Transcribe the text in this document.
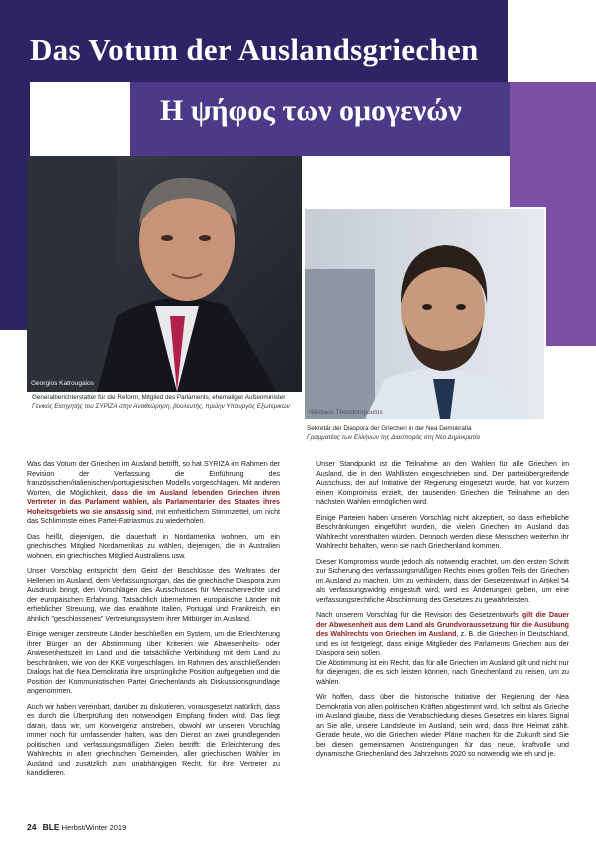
Das Votum der Auslandsgriechen
Η ψήφος των ομογενών
Georgios Katrougalos
Nikolaos Theodoropoulos
Generalberichterstatter für die Reform, Mitglied des Parlaments, ehemaliger Außenminister
Γενικός Εισηγητής του ΣΥΡΙΖΑ στην Αναθεώρηση, βουλευτής, πρώην Υπουργός Εξωτερικών
Sekretär der Diaspora der Griechen in der Nea Demokratia
Γραμματέας των Ελλήνων της Διασποράς στη Νέα Δημοκρατία

Was das Votum der Griechen im Ausland betrifft, so hat SYRIZA im Rahmen der Revision der Verfassung die Einführung des französischen/italienischen/portugiesischen Modells vorgeschlagen. Mit anderen Worten, die Möglichkeit, dass die im Ausland lebenden Griechen ihren Vertreter in das Parlament wählen, als Parlamentarier des Staates ihres Hoheitsgebiets wo sie ansässig sind, mit einheitlichem Stimmzettel, um nicht das Schlimmste eines Partei-Fatriasmus zu wiederholen.

Das heißt, diejenigen, die dauerhaft in Nordamerika wohnen, um ein griechisches Mitglied Nordamerikas zu wählen, diejenigen, die in Australien wohnen, ein griechisches Mitglied Australiens usw.

Unser Vorschlag entspricht dem Geist der Beschlüsse des Weltrates der Hellenen im Ausland, dem Verfassungsorgan, das die griechische Diaspora zum Ausdruck bringt, den Vorschlägen des Ausschusses für Menschenrechte und der europäischen Erfahrung. Tatsächlich übernehmen europäische Länder mit erheblicher Streuung, wie das erwähnte Italien, Portugal und Frankreich, ein ähnlich "geschlossenes" Vertretungssystem ihrer Mitbürger im Ausland.

Einige weniger zerstreute Länder beschließen ein System, um die Erleichterung ihrer Bürger an der Abstimmung über Kriterien wie Abwesenheits- oder Anwesenheitszeit im Land und die tatsächliche Verbindung mit dem Land zu beschränken, wie von der KKE vorgeschlagen. Im Rahmen des anschließenden Dialogs hat die Nea Demokratia ihre ursprüngliche Position aufgegeben und die Position der Kommunistischen Partei Griechenlands als Diskussionsgrundlage angenommen.

Auch wir haben vereinbart, darüber zu diskutieren, vorausgesetzt natürlich, dass es durch die Überprüfung den notwendigen Empfang finden wird. Das liegt daran, dass wir, um Konvergenz anstreben, obwohl wir unseren Vorschlag immer noch für umfassender halten, was den Dienst an zwei grundlegenden politischen und verfassungsmäßigen Zielen betrifft: die Erleichterung des Wahlrechts in allen griechischen Gemeinden, aller griechischen Wähler im Ausland und zusätzlich zum unabhängigen Recht, für ihre Vertreter zu kandidieren.

Unser Standpunkt ist die Teilnahme an den Wahlen für alle Griechen im Ausland, die in den Wahllisten eingeschrieben sind. Der parteiübergreifende Ausschuss, der auf Initiative der Regierung eingesetzt wurde, hat vor kurzem einen Kompromiss erzielt, der tausenden Griechen die Teilnahme an den nächsten Wahlen ermöglichen wird.

Einige Parteien haben unseren Vorschlag nicht akzeptiert, so dass erhebliche Beschränkungen eingeführt wurden, die vielen Griechen im Ausland das Wahlrecht vorenthalten würden. Dennoch werden diese Menschen weiterhin ihr Wahlrecht behalten, wenn sie nach Griechenland kommen.

Dieser Kompromiss wurde jedoch als notwendig erachtet, um den ersten Schritt zur Sicherung des verfassungsmäßigen Rechts eines großen Teils der Griechen im Ausland zu machen. Um zu verhindern, dass der Gesetzentwurf in Artikel 54 als verfassungswidrig eingestuft wird, wird es Änderungen geben, um eine verfassungsrechtliche Abschirmung des Gesetzes zu gewährleisten.

Nach unserem Vorschlag für die Revision des Gesetzentwurfs gilt die Dauer der Abwesenheit aus dem Land als Grundvoraussetzung für die Ausübung des Wahlrechts von Griechen im Ausland, z. B. die Griechen in Deutschland, und es ist festgelegt, dass einige Mitglieder des Parlaments Griechen aus der Diaspora sein sollen.

Die Abstimmung ist ein Recht, das für alle Griechen im Ausland gilt und nicht nur für diejenigen, die es sich leisten können, nach Griechenland zu reisen, um zu wählen.

Wir hoffen, dass über die historische Initiative der Regierung der Nea Demokratia von allen politischen Kräften abgestimmt wird. Ich selbst als Grieche im Ausland glaube, dass die Verabschiedung dieses Gesetzes ein klares Signal an Sie alle, unsere Landsleute im Ausland, sein wird, dass Ihre Heimat zählt. Gerade heute, wo die Griechen wieder Pläne machen für die Zukunft sind Sie bei diesen gemeinsamen Anstrengungen für das neue, kraftvolle und dynamische Griechenland des Jahrzehnts 2020 so notwendig wie eh und je.

24 BLE Herbst/Winter 2019
